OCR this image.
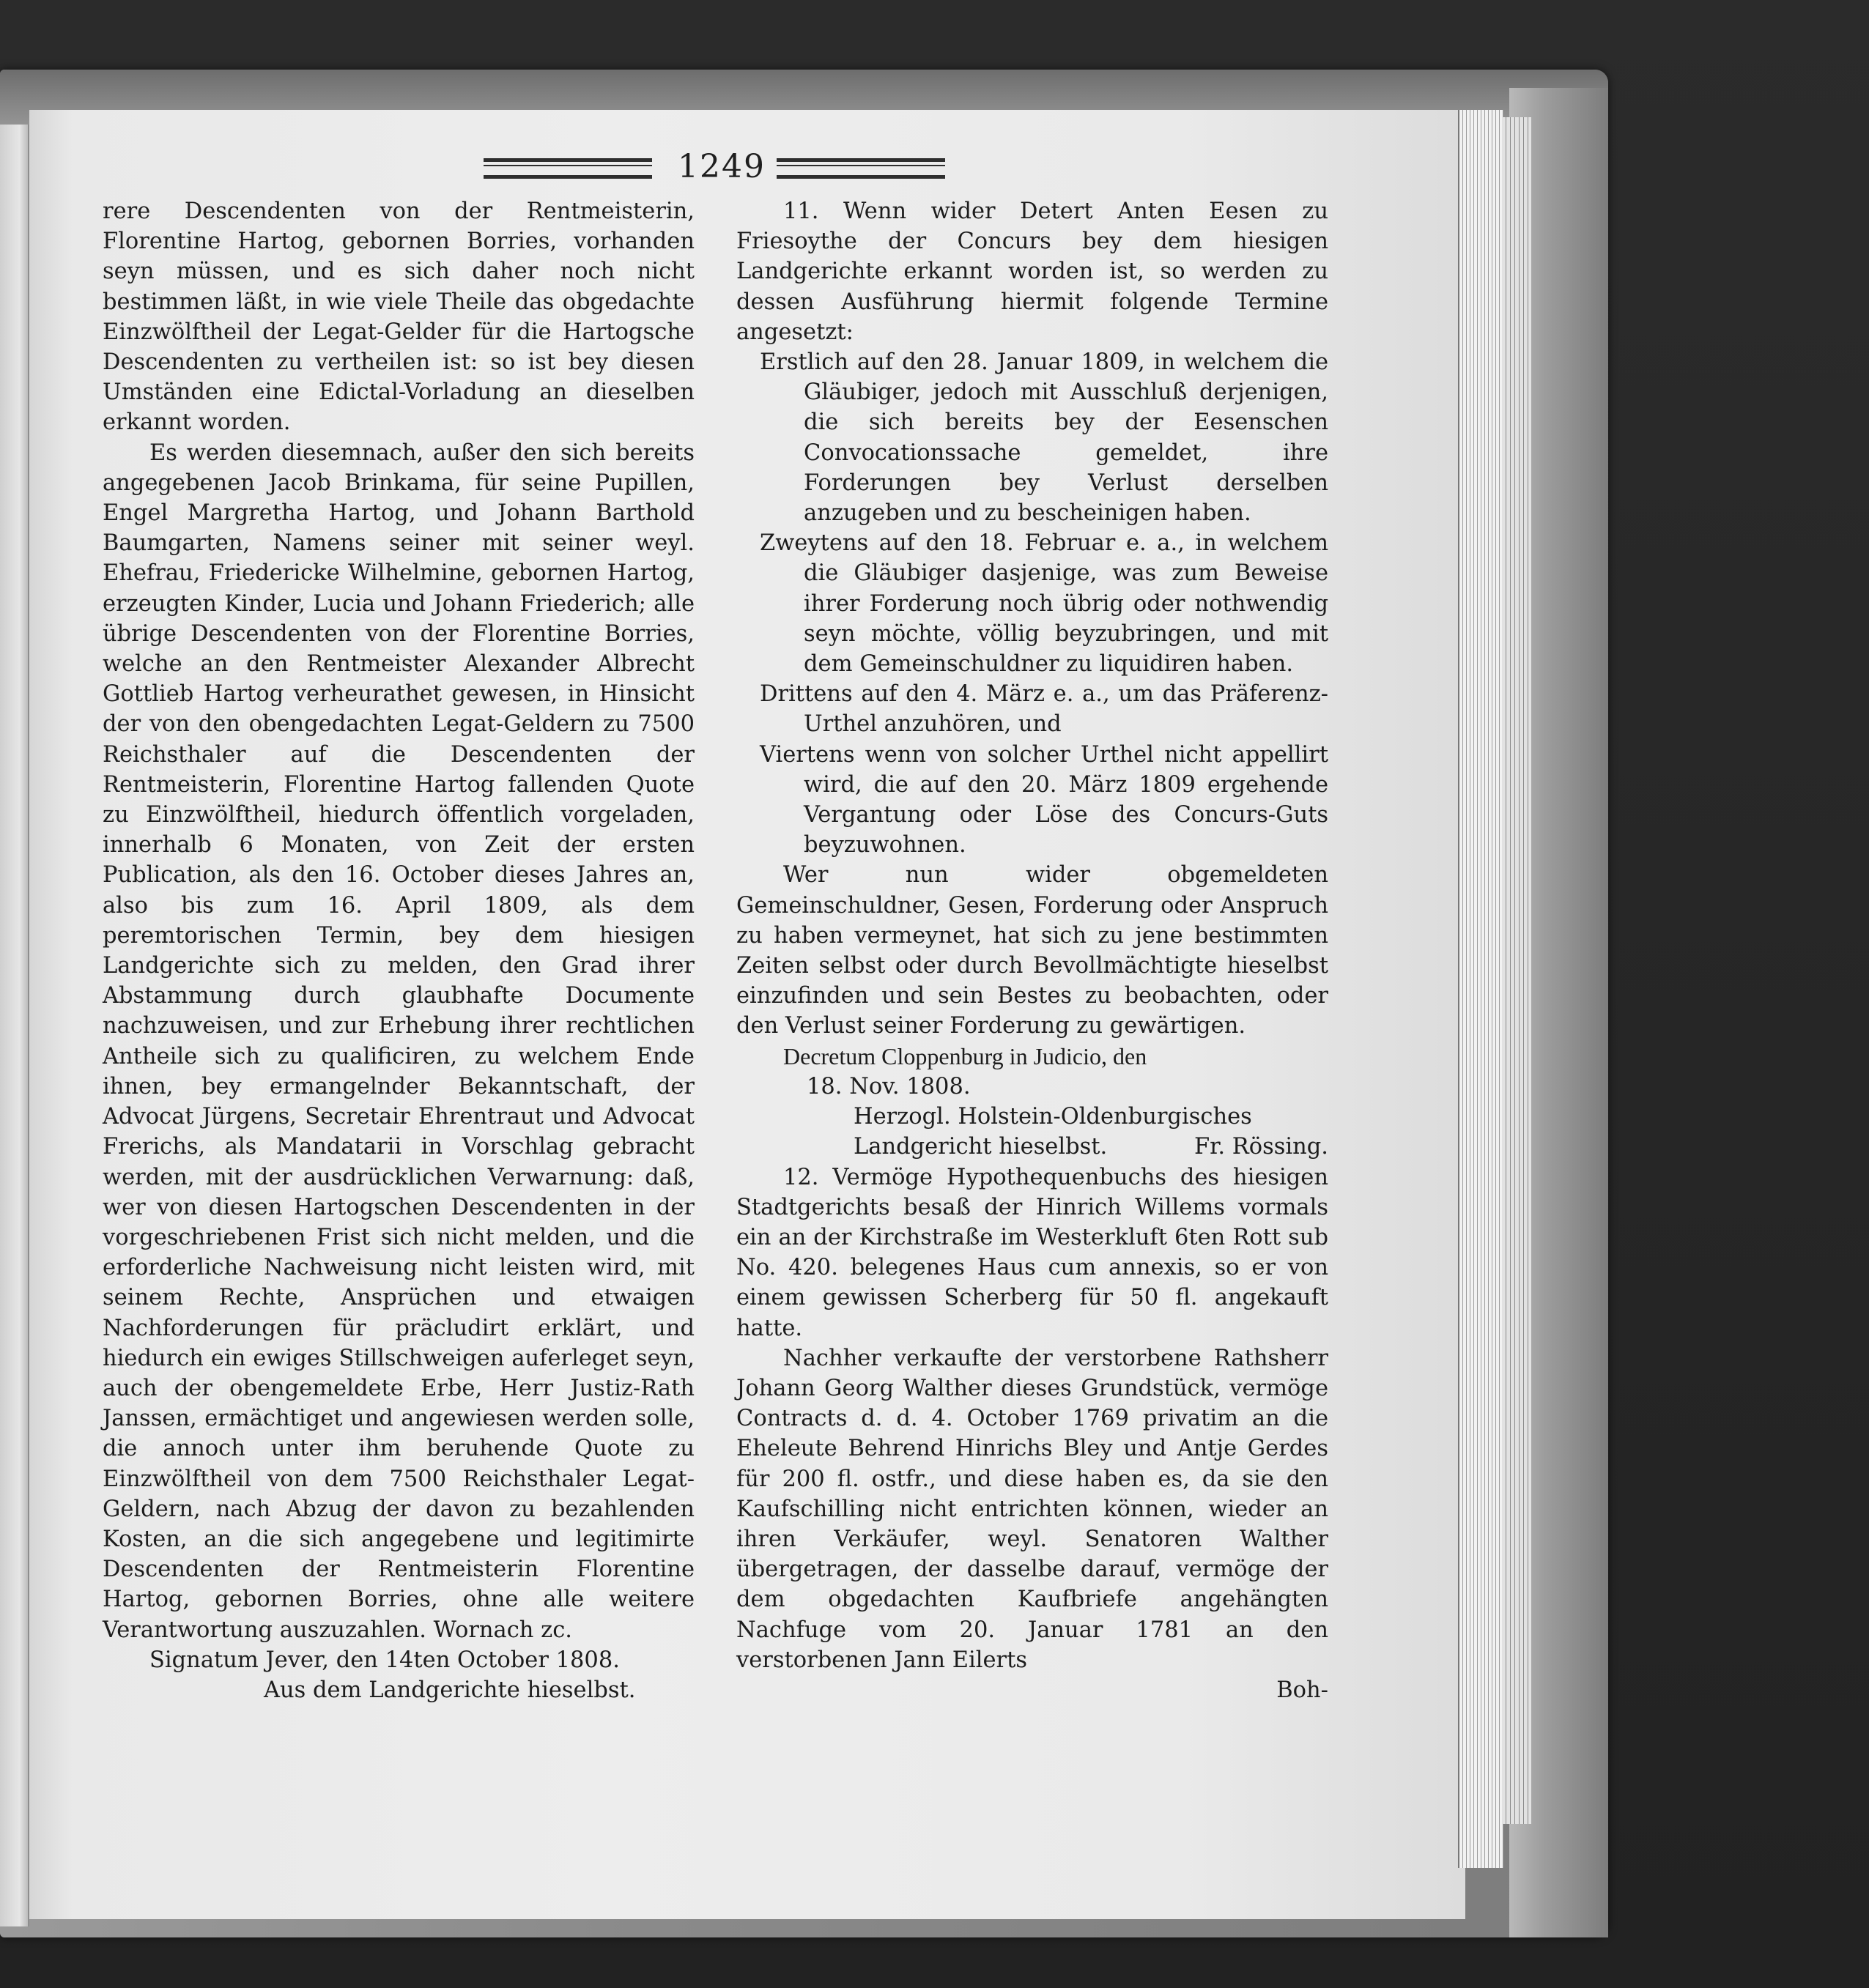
1249

rere Descendenten von der Rentmeisterin, Florentine Hartog, gebornen Borries, vorhanden seyn müssen, und es sich daher noch nicht bestimmen läßt, in wie viele Theile das obgedachte Einzwölftheil der Legat-Gelder für die Hartogsche Descendenten zu vertheilen ist: so ist bey diesen Umständen eine Edictal-Vorladung an dieselben erkannt worden.

Es werden diesemnach, außer den sich bereits angegebenen Jacob Brinkama, für seine Pupillen, Engel Margretha Hartog, und Johann Barthold Baumgarten, Namens seiner mit seiner weyl. Ehefrau, Friedericke Wilhelmine, gebornen Hartog, erzeugten Kinder, Lucia und Johann Friederich; alle übrige Descendenten von der Florentine Borries, welche an den Rentmeister Alexander Albrecht Gottlieb Hartog verheurathet gewesen, in Hinsicht der von den obengedachten Legat-Geldern zu 7500 Reichsthaler auf die Descendenten der Rentmeisterin, Florentine Hartog fallenden Quote zu Einzwölftheil, hiedurch öffentlich vorgeladen, innerhalb 6 Monaten, von Zeit der ersten Publication, als den 16. October dieses Jahres an, also bis zum 16. April 1809, als dem peremtorischen Termin, bey dem hiesigen Landgerichte sich zu melden, den Grad ihrer Abstammung durch glaubhafte Documente nachzuweisen, und zur Erhebung ihrer rechtlichen Antheile sich zu qualificiren, zu welchem Ende ihnen, bey ermangelnder Bekanntschaft, der Advocat Jürgens, Secretair Ehrentraut und Advocat Frerichs, als Mandatarii in Vorschlag gebracht werden, mit der ausdrücklichen Verwarnung: daß, wer von diesen Hartogschen Descendenten in der vorgeschriebenen Frist sich nicht melden, und die erforderliche Nachweisung nicht leisten wird, mit seinem Rechte, Ansprüchen und etwaigen Nachforderungen für präcludirt erklärt, und hiedurch ein ewiges Stillschweigen auferleget seyn, auch der obengemeldete Erbe, Herr Justiz-Rath Janssen, ermächtiget und angewiesen werden solle, die annoch unter ihm beruhende Quote zu Einzwölftheil von dem 7500 Reichsthaler Legat-Geldern, nach Abzug der davon zu bezahlenden Kosten, an die sich angegebene und legitimirte Descendenten der Rentmeisterin Florentine Hartog, gebornen Borries, ohne alle weitere Verantwortung auszuzahlen. Wornach zc.

Signatum Jever, den 14ten October 1808.

Aus dem Landgerichte hieselbst.

11. Wenn wider Detert Anten Eesen zu Friesoythe der Concurs bey dem hiesigen Landgerichte erkannt worden ist, so werden zu dessen Ausführung hiermit folgende Termine angesetzt:

Erstlich auf den 28. Januar 1809, in welchem die Gläubiger, jedoch mit Ausschluß derjenigen, die sich bereits bey der Eesenschen Convocationssache gemeldet, ihre Forderungen bey Verlust derselben anzugeben und zu bescheinigen haben.

Zweytens auf den 18. Februar e. a., in welchem die Gläubiger dasjenige, was zum Beweise ihrer Forderung noch übrig oder nothwendig seyn möchte, völlig beyzubringen, und mit dem Gemeinschuldner zu liquidiren haben.

Drittens auf den 4. März e. a., um das Präferenz-Urthel anzuhören, und

Viertens wenn von solcher Urthel nicht appellirt wird, die auf den 20. März 1809 ergehende Vergantung oder Löse des Concurs-Guts beyzuwohnen.

Wer nun wider obgemeldeten Gemeinschuldner, Gesen, Forderung oder Anspruch zu haben vermeynet, hat sich zu jene bestimmten Zeiten selbst oder durch Bevollmächtigte hieselbst einzufinden und sein Bestes zu beobachten, oder den Verlust seiner Forderung zu gewärtigen.

Decretum Cloppenburg in Judicio, den

18. Nov. 1808.

Herzogl. Holstein-Oldenburgisches

Landgericht hieselbst.	Fr. Rössing.

12. Vermöge Hypothequenbuchs des hiesigen Stadtgerichts besaß der Hinrich Willems vormals ein an der Kirchstraße im Westerkluft 6ten Rott sub No. 420. belegenes Haus cum annexis, so er von einem gewissen Scherberg für 50 fl. angekauft hatte.

Nachher verkaufte der verstorbene Rathsherr Johann Georg Walther dieses Grundstück, vermöge Contracts d. d. 4. October 1769 privatim an die Eheleute Behrend Hinrichs Bley und Antje Gerdes für 200 fl. ostfr., und diese haben es, da sie den Kaufschilling nicht entrichten können, wieder an ihren Verkäufer, weyl. Senatoren Walther übergetragen, der dasselbe darauf, vermöge der dem obgedachten Kaufbriefe angehängten Nachfuge vom 20. Januar 1781 an den verstorbenen Jann Eilerts

Boh-
